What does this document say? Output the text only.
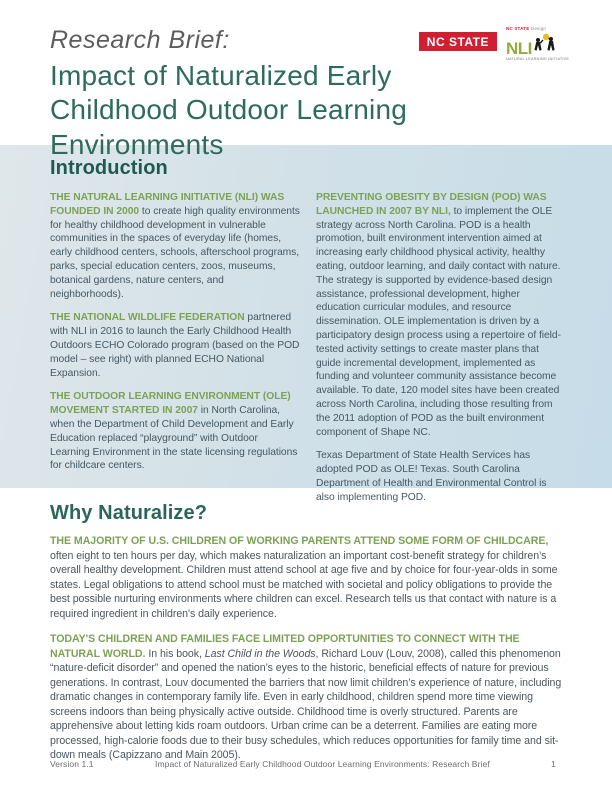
Research Brief:
Impact of Naturalized Early Childhood Outdoor Learning Environments
NC STATE
NC STATE Design
NLI
NATURAL LEARNING INITIATIVE
Introduction

THE NATURAL LEARNING INITIATIVE (NLI) WAS FOUNDED IN 2000 to create high quality environments for healthy childhood development in vulnerable communities in the spaces of everyday life (homes, early childhood centers, schools, afterschool programs, parks, special education centers, zoos, museums, botanical gardens, nature centers, and neighborhoods).

THE NATIONAL WILDLIFE FEDERATION partnered with NLI in 2016 to launch the Early Childhood Health Outdoors ECHO Colorado program (based on the POD model – see right) with planned ECHO National Expansion.

THE OUTDOOR LEARNING ENVIRONMENT (OLE) MOVEMENT STARTED IN 2007 in North Carolina, when the Department of Child Development and Early Education replaced “playground” with Outdoor Learning Environment in the state licensing regulations for childcare centers.

PREVENTING OBESITY BY DESIGN (POD) WAS LAUNCHED IN 2007 BY NLI, to implement the OLE strategy across North Carolina. POD is a health promotion, built environment intervention aimed at increasing early childhood physical activity, healthy eating, outdoor learning, and daily contact with nature. The strategy is supported by evidence-based design assistance, professional development, higher education curricular modules, and resource dissemination. OLE implementation is driven by a participatory design process using a repertoire of field-tested activity settings to create master plans that guide incremental development, implemented as funding and volunteer community assistance become available. To date, 120 model sites have been created across North Carolina, including those resulting from the 2011 adoption of POD as the built environment component of Shape NC.

Texas Department of State Health Services has adopted POD as OLE! Texas. South Carolina Department of Health and Environmental Control is also implementing POD.

Why Naturalize?

THE MAJORITY OF U.S. CHILDREN OF WORKING PARENTS ATTEND SOME FORM OF CHILDCARE, often eight to ten hours per day, which makes naturalization an important cost-benefit strategy for children’s overall healthy development. Children must attend school at age five and by choice for four-year-olds in some states. Legal obligations to attend school must be matched with societal and policy obligations to provide the best possible nurturing environments where children can excel. Research tells us that contact with nature is a required ingredient in children's daily experience.

TODAY'S CHILDREN AND FAMILIES FACE LIMITED OPPORTUNITIES TO CONNECT WITH THE NATURAL WORLD. In his book, Last Child in the Woods, Richard Louv (Louv, 2008), called this phenomenon “nature-deficit disorder” and opened the nation’s eyes to the historic, beneficial effects of nature for previous generations. In contrast, Louv documented the barriers that now limit children’s experience of nature, including dramatic changes in contemporary family life. Even in early childhood, children spend more time viewing screens indoors than being physically active outside. Childhood time is overly structured. Parents are apprehensive about letting kids roam outdoors. Urban crime can be a deterrent. Families are eating more processed, high-calorie foods due to their busy schedules, which reduces opportunities for family time and sit-down meals (Capizzano and Main 2005).

Version 1.1	Impact of Naturalized Early Childhood Outdoor Learning Environments: Research Brief	1
